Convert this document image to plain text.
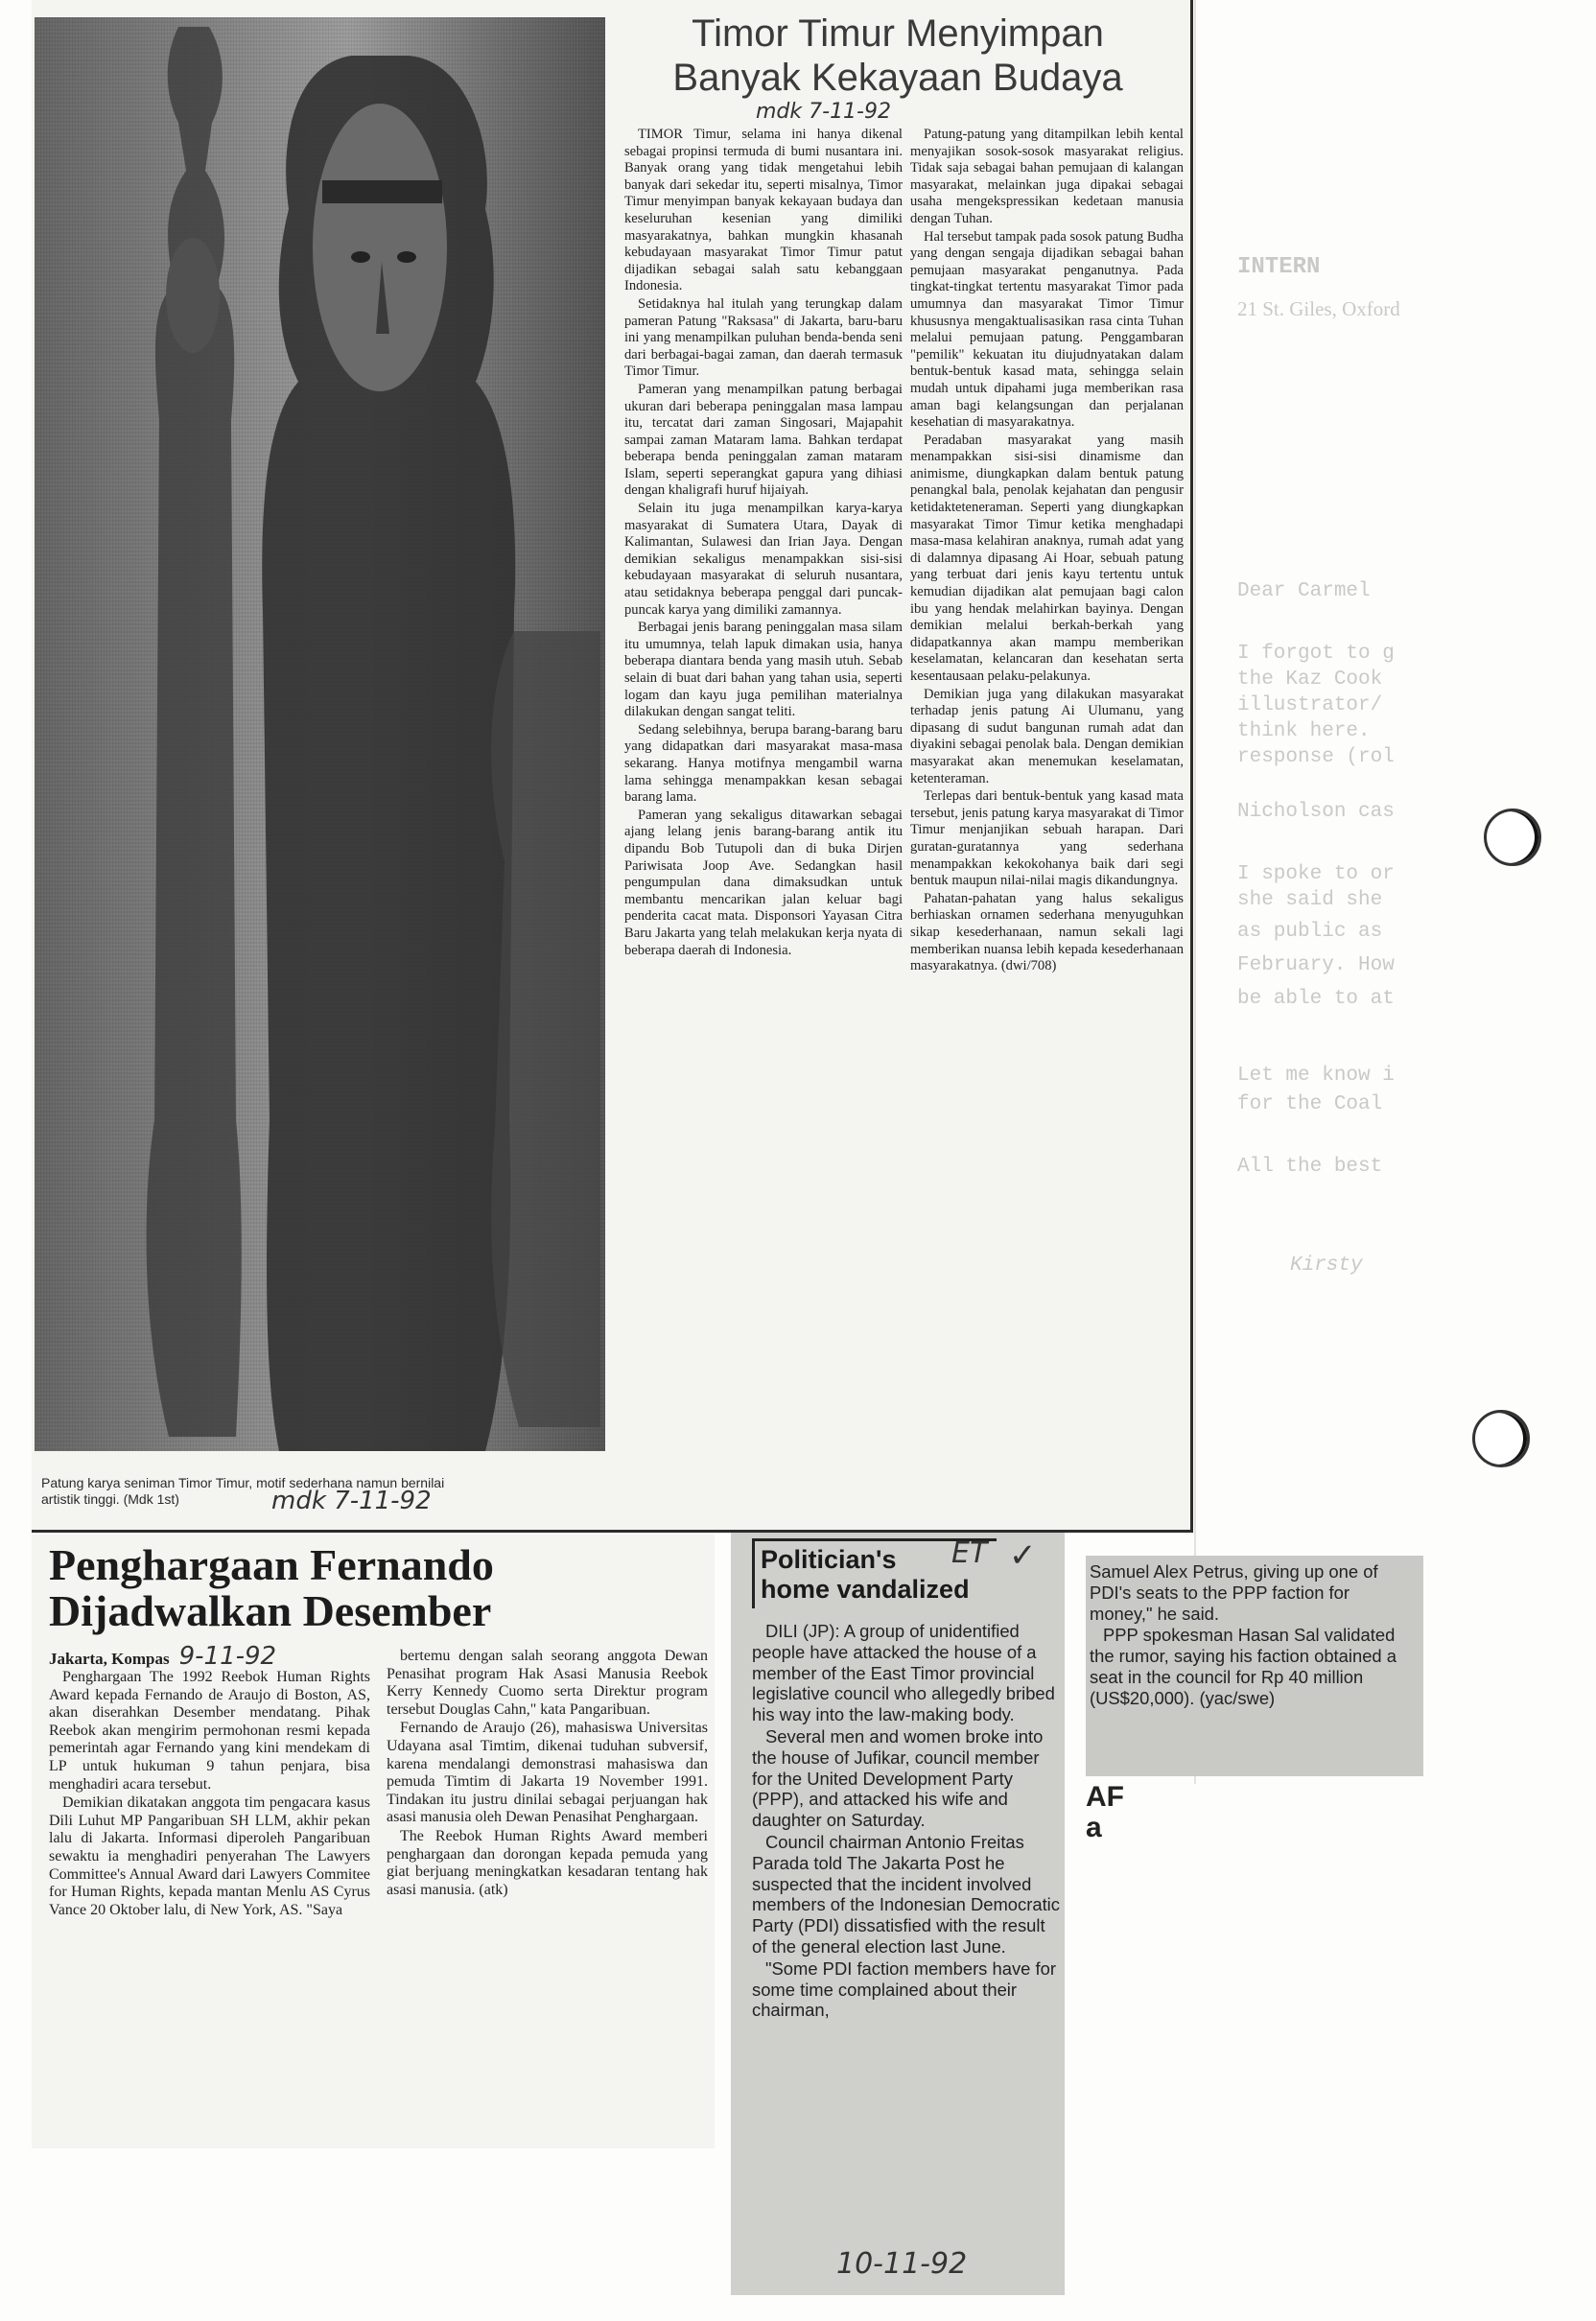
INTERN
21 St. Giles, Oxford
Dear Carmel
I forgot to g
the Kaz Cook
illustrator/
think here.
response (rol
Nicholson cas
I spoke to or
she said she
as public as
February. How
be able to at
Let me know i
for the Coal
All the best
Kirsty
Patung karya seniman Timor Timur, motif sederhana namun bernilai artistik tinggi. (Mdk 1st)	mdk 7-11-92
Timor Timur Menyimpan
Banyak Kekayaan Budaya
mdk 7-11-92

TIMOR Timur, selama ini hanya dikenal sebagai propinsi termuda di bumi nusantara ini. Banyak orang yang tidak mengetahui lebih banyak dari sekedar itu, seperti misalnya, Timor Timur menyimpan banyak kekayaan budaya dan keseluruhan kesenian yang dimiliki masyarakatnya, bahkan mungkin khasanah kebudayaan masyarakat Timor Timur patut dijadikan sebagai salah satu kebanggaan Indonesia.

Setidaknya hal itulah yang terungkap dalam pameran Patung "Raksasa" di Jakarta, baru-baru ini yang menampilkan puluhan benda-benda seni dari berbagai-bagai zaman, dan daerah termasuk Timor Timur.

Pameran yang menampilkan patung berbagai ukuran dari beberapa peninggalan masa lampau itu, tercatat dari zaman Singosari, Majapahit sampai zaman Mataram lama. Bahkan terdapat beberapa benda peninggalan zaman mataram Islam, seperti seperangkat gapura yang dihiasi dengan khaligrafi huruf hijaiyah.

Selain itu juga menampilkan karya-karya masyarakat di Sumatera Utara, Dayak di Kalimantan, Sulawesi dan Irian Jaya. Dengan demikian sekaligus menampakkan sisi-sisi kebudayaan masyarakat di seluruh nusantara, atau setidaknya beberapa penggal dari puncak-puncak karya yang dimiliki zamannya.

Berbagai jenis barang peninggalan masa silam itu umumnya, telah lapuk dimakan usia, hanya beberapa diantara benda yang masih utuh. Sebab selain di buat dari bahan yang tahan usia, seperti logam dan kayu juga pemilihan materialnya dilakukan dengan sangat teliti.

Sedang selebihnya, berupa barang-barang baru yang didapatkan dari masyarakat masa-masa sekarang. Hanya motifnya mengambil warna lama sehingga menampakkan kesan sebagai barang lama.

Pameran yang sekaligus ditawarkan sebagai ajang lelang jenis barang-barang antik itu dipandu Bob Tutupoli dan di buka Dirjen Pariwisata Joop Ave. Sedangkan hasil pengumpulan dana dimaksudkan untuk membantu mencarikan jalan keluar bagi penderita cacat mata. Disponsori Yayasan Citra Baru Jakarta yang telah melakukan kerja nyata di beberapa daerah di Indonesia.

Patung-patung yang ditampilkan lebih kental menyajikan sosok-sosok masyarakat religius. Tidak saja sebagai bahan pemujaan di kalangan masyarakat, melainkan juga dipakai sebagai usaha mengekspressikan kedetaan manusia dengan Tuhan.

Hal tersebut tampak pada sosok patung Budha yang dengan sengaja dijadikan sebagai bahan pemujaan masyarakat penganutnya. Pada tingkat-tingkat tertentu masyarakat Timor pada umumnya dan masyarakat Timor Timur khususnya mengaktualisasikan rasa cinta Tuhan melalui pemujaan patung. Penggambaran "pemilik" kekuatan itu diujudnyatakan dalam bentuk-bentuk kasad mata, sehingga selain mudah untuk dipahami juga memberikan rasa aman bagi kelangsungan dan perjalanan kesehatian di masyarakatnya.

Peradaban masyarakat yang masih menampakkan sisi-sisi dinamisme dan animisme, diungkapkan dalam bentuk patung penangkal bala, penolak kejahatan dan pengusir ketidakteteneraman. Seperti yang diungkapkan masyarakat Timor Timur ketika menghadapi masa-masa kelahiran anaknya, rumah adat yang di dalamnya dipasang Ai Hoar, sebuah patung yang terbuat dari jenis kayu tertentu untuk kemudian dijadikan alat pemujaan bagi calon ibu yang hendak melahirkan bayinya. Dengan demikian melalui berkah-berkah yang didapatkannya akan mampu memberikan keselamatan, kelancaran dan kesehatan serta kesentausaan pelaku-pelakunya.

Demikian juga yang dilakukan masyarakat terhadap jenis patung Ai Ulumanu, yang dipasang di sudut bangunan rumah adat dan diyakini sebagai penolak bala. Dengan demikian masyarakat akan menemukan keselamatan, ketenteraman.

Terlepas dari bentuk-bentuk yang kasad mata tersebut, jenis patung karya masyarakat di Timor Timur menjanjikan sebuah harapan. Dari guratan-guratannya yang sederhana menampakkan kekokohanya baik dari segi bentuk maupun nilai-nilai magis dikandungnya.

Pahatan-pahatan yang halus sekaligus berhiaskan ornamen sederhana menyuguhkan sikap kesederhanaan, namun sekali lagi memberikan nuansa lebih kepada kesederhanaan masyarakatnya. (dwi/708)

Penghargaan Fernando
Dijadwalkan Desember
Jakarta, Kompas 9-11-92

Penghargaan The 1992 Reebok Human Rights Award kepada Fernando de Araujo di Boston, AS, akan diserahkan Desember mendatang. Pihak Reebok akan mengirim permohonan resmi kepada pemerintah agar Fernando yang kini mendekam di LP untuk hukuman 9 tahun penjara, bisa menghadiri acara tersebut.

Demikian dikatakan anggota tim pengacara kasus Dili Luhut MP Pangaribuan SH LLM, akhir pekan lalu di Jakarta. Informasi diperoleh Pangaribuan sewaktu ia menghadiri penyerahan The Lawyers Committee's Annual Award dari Lawyers Commitee for Human Rights, kepada mantan Menlu AS Cyrus Vance 20 Oktober lalu, di New York, AS. "Saya

bertemu dengan salah seorang anggota Dewan Penasihat program Hak Asasi Manusia Reebok Kerry Kennedy Cuomo serta Direktur program tersebut Douglas Cahn," kata Pangaribuan.

Fernando de Araujo (26), mahasiswa Universitas Udayana asal Timtim, dikenai tuduhan subversif, karena mendalangi demonstrasi mahasiswa dan pemuda Timtim di Jakarta 19 November 1991. Tindakan itu justru dinilai sebagai perjuangan hak asasi manusia oleh Dewan Penasihat Penghargaan.

The Reebok Human Rights Award memberi penghargaan dan dorongan kepada pemuda yang giat berjuang meningkatkan kesadaran tentang hak asasi manusia. (atk)

Politician's
home vandalized
ET ✓

DILI (JP): A group of unidentified people have attacked the house of a member of the East Timor provincial legislative council who allegedly bribed his way into the law-making body.

Several men and women broke into the house of Jufikar, council member for the United Development Party (PPP), and attacked his wife and daughter on Saturday.

Council chairman Antonio Freitas Parada told The Jakarta Post he suspected that the incident involved members of the Indonesian Democratic Party (PDI) dissatisfied with the result of the general election last June.

"Some PDI faction members have for some time complained about their chairman,

10-11-92

Samuel Alex Petrus, giving up one of PDI's seats to the PPP faction for money," he said.

PPP spokesman Hasan Sal validated the rumor, saying his faction obtained a seat in the council for Rp 40 million (US$20,000). (yac/swe)

AF a
